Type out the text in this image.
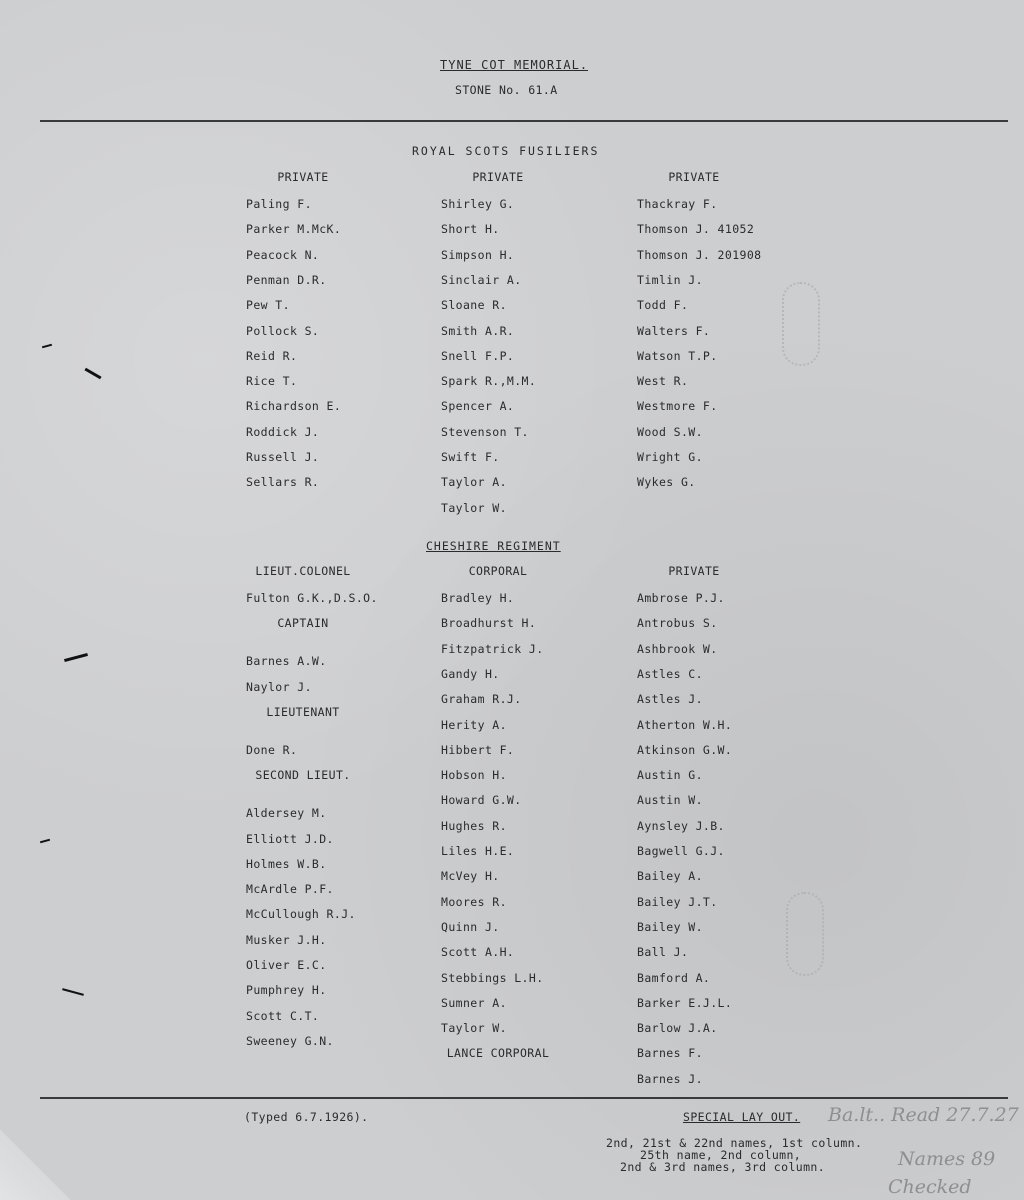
TYNE COT MEMORIAL.
STONE No. 61.A
ROYAL SCOTS FUSILIERS
PRIVATE
Paling F.
Parker M.McK.
Peacock N.
Penman D.R.
Pew T.
Pollock S.
Reid R.
Rice T.
Richardson E.
Roddick J.
Russell J.
Sellars R.
PRIVATE
Shirley G.
Short H.
Simpson H.
Sinclair A.
Sloane R.
Smith A.R.
Snell F.P.
Spark R.,M.M.
Spencer A.
Stevenson T.
Swift F.
Taylor A.
Taylor W.
PRIVATE
Thackray F.
Thomson J. 41052
Thomson J. 201908
Timlin J.
Todd F.
Walters F.
Watson T.P.
West R.
Westmore F.
Wood S.W.
Wright G.
Wykes G.
CHESHIRE REGIMENT
LIEUT.COLONEL
Fulton G.K.,D.S.O.
CAPTAIN
Barnes A.W.
Naylor J.
LIEUTENANT
Done R.
SECOND LIEUT.
Aldersey M.
Elliott J.D.
Holmes W.B.
McArdle P.F.
McCullough R.J.
Musker J.H.
Oliver E.C.
Pumphrey H.
Scott C.T.
Sweeney G.N.
CORPORAL
Bradley H.
Broadhurst H.
Fitzpatrick J.
Gandy H.
Graham R.J.
Herity A.
Hibbert F.
Hobson H.
Howard G.W.
Hughes R.
Liles H.E.
McVey H.
Moores R.
Quinn J.
Scott A.H.
Stebbings L.H.
Sumner A.
Taylor W.
LANCE CORPORAL
PRIVATE
Ambrose P.J.
Antrobus S.
Ashbrook W.
Astles C.
Astles J.
Atherton W.H.
Atkinson G.W.
Austin G.
Austin W.
Aynsley J.B.
Bagwell G.J.
Bailey A.
Bailey J.T.
Bailey W.
Ball J.
Bamford A.
Barker E.J.L.
Barlow J.A.
Barnes F.
Barnes J.
(Typed 6.7.1926).	SPECIAL LAY OUT.
2nd, 21st & 22nd names, 1st column.
25th name, 2nd column,
2nd & 3rd names, 3rd column.
Ba.lt.. Read 27.7.27
Names 89
Checked
